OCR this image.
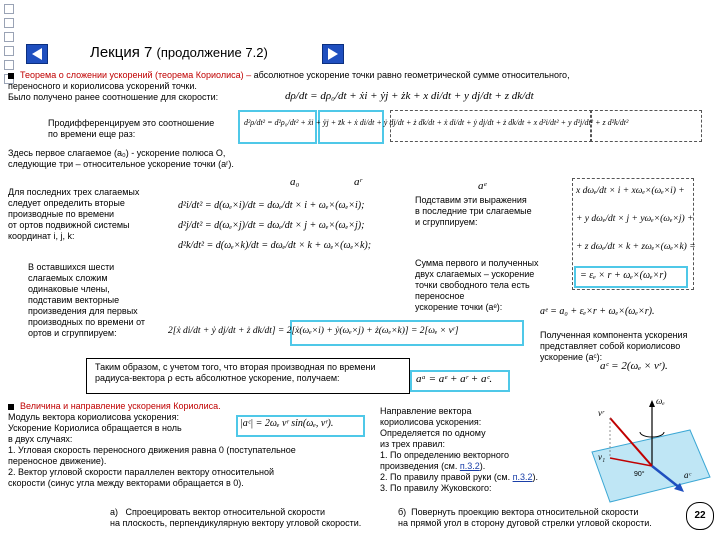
Лекция 7 (продолжение 7.2)
Теорема о сложении ускорений (теорема Кориолиса) – абсолютное ускорение точки равно геометрической сумме относительного,
переносного и кориолисова ускорений точки.
Было получено ранее соотношение для скорости:	dρ/dt = dρ₀/dt + ẋi + ẏj + żk + x di/dt + y dj/dt + z dk/dt
Продифференцируем это соотношение
по времени еще раз:
d²ρ/dt² = d²ρ₀/dt² + ẍi + ÿj + z̈k + ẋ di/dt + ẏ dj/dt + ż dk/dt + ẋ di/dt + ẏ dj/dt + ż dk/dt + x d²i/dt² + y d²j/dt² + z d²k/dt²
Здесь первое слагаемое (a₀) - ускорение полюса О,
следующие три – относительное ускорение точки (aʳ).
a₀	aʳ	aᵉ
Для последних трех слагаемых
следует определить вторые
производные по времени
от ортов подвижной системы
координат i, j, k:
d²i/dt² = d(ωₑ×i)/dt = dωₑ/dt × i + ωₑ×(ωₑ×i);
d²j/dt² = d(ωₑ×j)/dt = dωₑ/dt × j + ωₑ×(ωₑ×j);
d²k/dt² = d(ωₑ×k)/dt = dωₑ/dt × k + ωₑ×(ωₑ×k);
Подставим эти выражения
в последние три слагаемые
и сгруппируем:
x dωₑ/dt × i + xωₑ×(ωₑ×i) +
+ y dωₑ/dt × j + yωₑ×(ωₑ×j) +
+ z dωₑ/dt × k + zωₑ×(ωₑ×k) =
= εₑ × r + ωₑ×(ωₑ×r)
В оставшихся шести
слагаемых сложим
одинаковые члены,
подставим векторные
произведения для первых
производных по времени от
ортов и сгруппируем:
Сумма первого и полученных
двух слагаемых – ускорение
точки свободного тела есть
переносное
ускорение точки (aᵉ):	aᵉ = a₀ + εₑ×r + ωₑ×(ωₑ×r).
2[ẋ di/dt + ẏ dj/dt + ż dk/dt] = 2[ẋ(ωₑ×i) + ẏ(ωₑ×j) + ż(ωₑ×k)] = 2[ωₑ × vʳ]	Полученная компонента ускорения
представляет собой кориолисово
ускорение (aᶜ):
aᶜ = 2(ωₑ × vʳ).
Таким образом, с учетом того, что вторая производная по времени
радиуса-вектора ρ есть абсолютное ускорение, получаем:	aᵃ = aᵉ + aʳ + aᶜ.
Величина и направление ускорения Кориолиса.
Модуль вектора кориолисова ускорения:
Ускорение Кориолиса обращается в ноль
в двух случаях:
1. Угловая скорость переносного движения равна 0 (поступательное
переносное движение).
2. Вектор угловой скорости параллелен вектору относительной
скорости (синус угла между векторами обращается в 0).
|aᶜ| = 2ωₑ vʳ sin(ωₑ, vʳ).
Направление вектора
кориолисова ускорения:
Определяется по одному
из трех правил:
1. По определению векторного
произведения (см. п.3.2).
2. По правилу правой руки (см. п.3.2).
3. По правилу Жуковского:
ωₑ
vʳ
v₁
aᶜ
90°
а) Спроецировать вектор относительной скорости
на плоскость, перпендикулярную вектору угловой скорости.
б) Повернуть проекцию вектора относительной скорости
на прямой угол в сторону дуговой стрелки угловой скорости.
22
